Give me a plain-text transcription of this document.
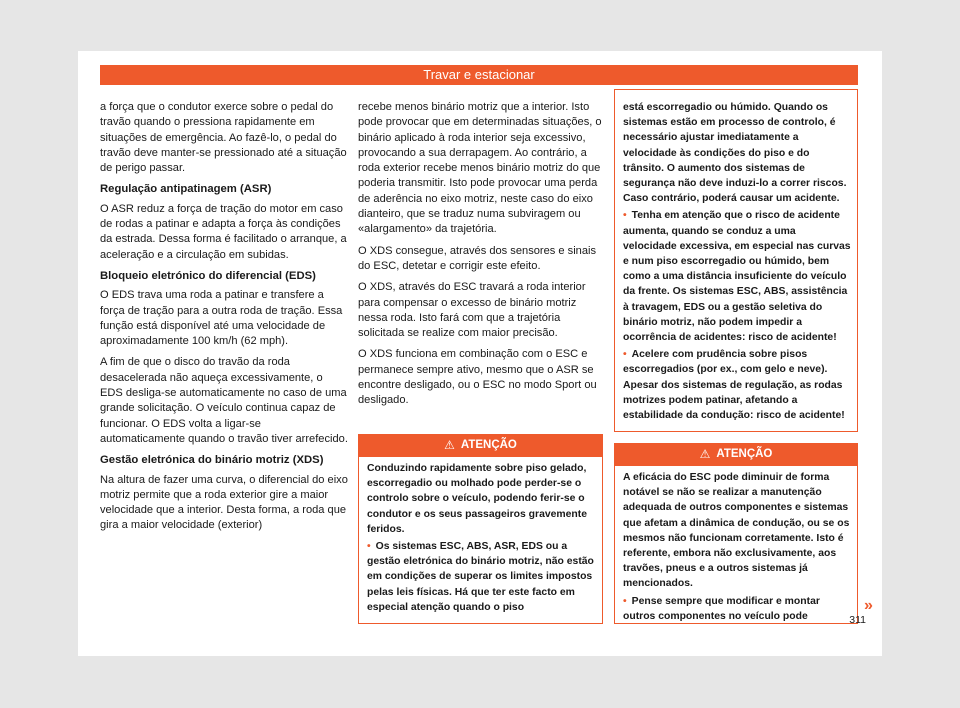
Travar e estacionar

a força que o condutor exerce sobre o pedal do travão quando o pressiona rapidamente em situações de emergência. Ao fazê-lo, o pedal do travão deve manter-se pressionado até a situação de perigo passar.

Regulação antipatinagem (ASR)

O ASR reduz a força de tração do motor em caso de rodas a patinar e adapta a força às condições da estrada. Dessa forma é facilitado o arranque, a aceleração e a circulação em subidas.

Bloqueio eletrónico do diferencial (EDS)

O EDS trava uma roda a patinar e transfere a força de tração para a outra roda de tração. Essa função está disponível até uma velocidade de aproximadamente 100 km/h (62 mph).

A fim de que o disco do travão da roda desacelerada não aqueça excessivamente, o EDS desliga-se automaticamente no caso de uma grande solicitação. O veículo continua capaz de funcionar. O EDS volta a ligar-se automaticamente quando o travão tiver arrefecido.

Gestão eletrónica do binário motriz (XDS)

Na altura de fazer uma curva, o diferencial do eixo motriz permite que a roda exterior gire a maior velocidade que a interior. Desta forma, a roda que gira a maior velocidade (exterior)

recebe menos binário motriz que a interior. Isto pode provocar que em determinadas situações, o binário aplicado à roda interior seja excessivo, provocando a sua derrapagem. Ao contrário, a roda exterior recebe menos binário motriz do que poderia transmitir. Isto pode provocar uma perda de aderência no eixo motriz, neste caso do eixo dianteiro, que se traduz numa subviragem ou «alargamento» da trajetória.

O XDS consegue, através dos sensores e sinais do ESC, detetar e corrigir este efeito.

O XDS, através do ESC travará a roda interior para compensar o excesso de binário motriz nessa roda. Isto fará com que a trajetória solicitada se realize com maior precisão.

O XDS funciona em combinação com o ESC e permanece sempre ativo, mesmo que o ASR se encontre desligado, ou o ESC no modo Sport ou desligado.

⚠ ATENÇÃO

Conduzindo rapidamente sobre piso gelado, escorregadio ou molhado pode perder-se o controlo sobre o veículo, podendo ferir-se o condutor e os seus passageiros gravemente feridos.

• Os sistemas ESC, ABS, ASR, EDS ou a gestão eletrónica do binário motriz, não estão em condições de superar os limites impostos pelas leis físicas. Há que ter este facto em especial atenção quando o piso

está escorregadio ou húmido. Quando os sistemas estão em processo de controlo, é necessário ajustar imediatamente a velocidade às condições do piso e do trânsito. O aumento dos sistemas de segurança não deve induzi-lo a correr riscos. Caso contrário, poderá causar um acidente.

• Tenha em atenção que o risco de acidente aumenta, quando se conduz a uma velocidade excessiva, em especial nas curvas e num piso escorregadio ou húmido, bem como a uma distância insuficiente do veículo da frente. Os sistemas ESC, ABS, assistência à travagem, EDS ou a gestão seletiva do binário motriz, não podem impedir a ocorrência de acidentes: risco de acidente!

• Acelere com prudência sobre pisos escorregadios (por ex., com gelo e neve). Apesar dos sistemas de regulação, as rodas motrizes podem patinar, afetando a estabilidade da condução: risco de acidente!

⚠ ATENÇÃO

A eficácia do ESC pode diminuir de forma notável se não se realizar a manutenção adequada de outros componentes e sistemas que afetam a dinâmica de condução, ou se os mesmos não funcionam corretamente. Isto é referente, embora não exclusivamente, aos travões, pneus e a outros sistemas já mencionados.

• Pense sempre que modificar e montar outros componentes no veículo pode

»
311
